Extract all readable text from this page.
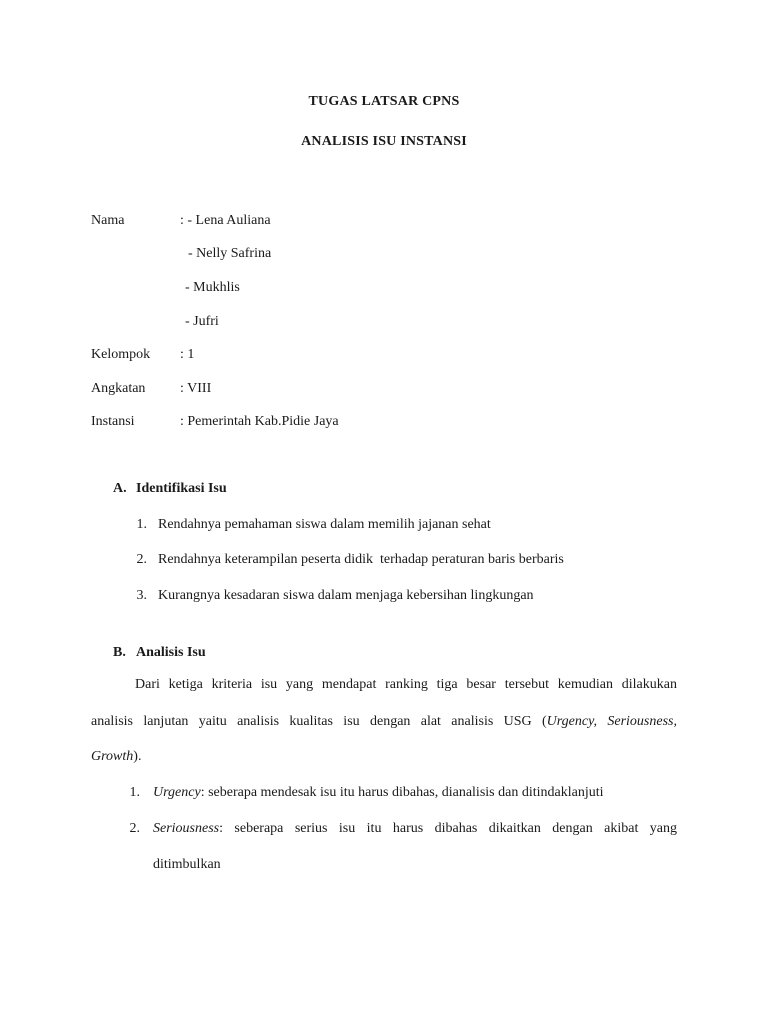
TUGAS LATSAR CPNS
ANALISIS ISU INSTANSI
Nama	: - Lena Auliana
- Nelly Safrina
- Mukhlis
- Jufri
Kelompok : 1
Angkatan : VIII
Instansi	: Pemerintah Kab.Pidie Jaya
A. Identifikasi Isu
1. Rendahnya pemahaman siswa dalam memilih jajanan sehat
2. Rendahnya keterampilan peserta didik  terhadap peraturan baris berbaris
3. Kurangnya kesadaran siswa dalam menjaga kebersihan lingkungan
B. Analisis Isu
Dari ketiga kriteria isu yang mendapat ranking tiga besar tersebut kemudian dilakukan
analisis lanjutan yaitu analisis kualitas isu dengan alat analisis USG (Urgency, Seriousness,
Growth).
1. Urgency: seberapa mendesak isu itu harus dibahas, dianalisis dan ditindaklanjuti
2. Seriousness: seberapa serius isu itu harus dibahas dikaitkan dengan akibat yang
ditimbulkan
